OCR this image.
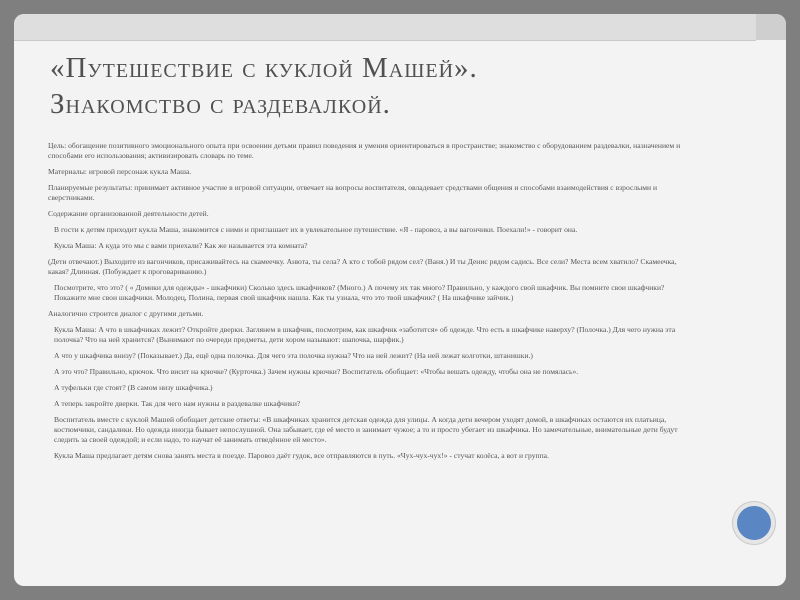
«Путешествие с куклой Машей».
Знакомство с раздевалкой.

Цель: обогащение позитивного эмоционального опыта при освоении детьми правил поведения и умения ориентироваться в пространстве; знакомство с оборудованием раздевалки, назначением и способами его использования; активизировать словарь по теме.

Материалы: игровой персонаж кукла Маша.

Планируемые результаты: принимает активное участие в игровой ситуации, отвечает на вопросы воспитателя, овладевает средствами общения и способами взаимодействия с взрослыми и сверстниками.

Содержание организованной деятельности детей.

В гости к детям приходит кукла Маша, знакомится с ними и приглашает их в увлекательное путешествие. «Я - паровоз, а вы вагончики. Поехали!» - говорит она.

Кукла Маша: А куда это мы с вами приехали? Как же называется эта комната?

(Дети отвечают.) Выходите из вагончиков, присаживайтесь на скамеечку. Анюта, ты села? А кто с тобой рядом сел? (Ваня.) И ты Денис рядом садись. Все сели? Места всем хватило? Скамеечка, какая? Длинная. (Побуждает к проговариванию.)

Посмотрите, что это? ( « Домики для одежды» - шкафчики) Сколько здесь шкафчиков? (Много.) А почему их так много? Правильно, у каждого свой шкафчик. Вы помните свои шкафчики? Покажите мне свои шкафчики. Молодец, Полина, первая свой шкафчик нашла. Как ты узнала, что это твой шкафчик? ( На шкафчике зайчик.)

Аналогично строится диалог с другими детьми.

Кукла Маша: А что в шкафчиках лежит? Откройте дверки. Заглянем в шкафчик, посмотрим, как шкафчик «заботится» об одежде. Что есть в шкафчике наверху? (Полочка.) Для чего нужна эта полочка? Что на ней хранится? (Вынимают по очереди предметы, дети хором называют: шапочка, шарфик.)

А что у шкафчика внизу? (Показывает.) Да, ещё одна полочка. Для чего эта полочка нужна? Что на ней лежит? (На ней лежат колготки, штанишки.)

А это что? Правильно, крючок. Что висит на крючке? (Курточка.) Зачем нужны крючки? Воспитатель обобщает: «Чтобы вешать одежду, чтобы она не помялась».

А туфельки где стоят? (В самом низу шкафчика.)

А теперь закройте дверки. Так для чего нам нужны в раздевалке шкафчики?

Воспитатель вместе с куклой Машей обобщает детские ответы: «В шкафчиках хранится детская одежда для улицы. А когда дети вечером уходят домой, в шкафчиках остаются их платьица, костюмчики, сандалики. Но одежда иногда бывает непослушной. Она забывает, где её место и занимает чужое; а то и просто убегает из шкафчика. Но замечательные, внимательные дети будут следить за своей одеждой; и если надо, то научат её занимать отведённое ей место».

Кукла Маша предлагает детям снова занять места в поезде. Паровоз даёт гудок, все отправляются в путь. «Чух-чух-чух!» - стучат колёса, а вот и группа.
